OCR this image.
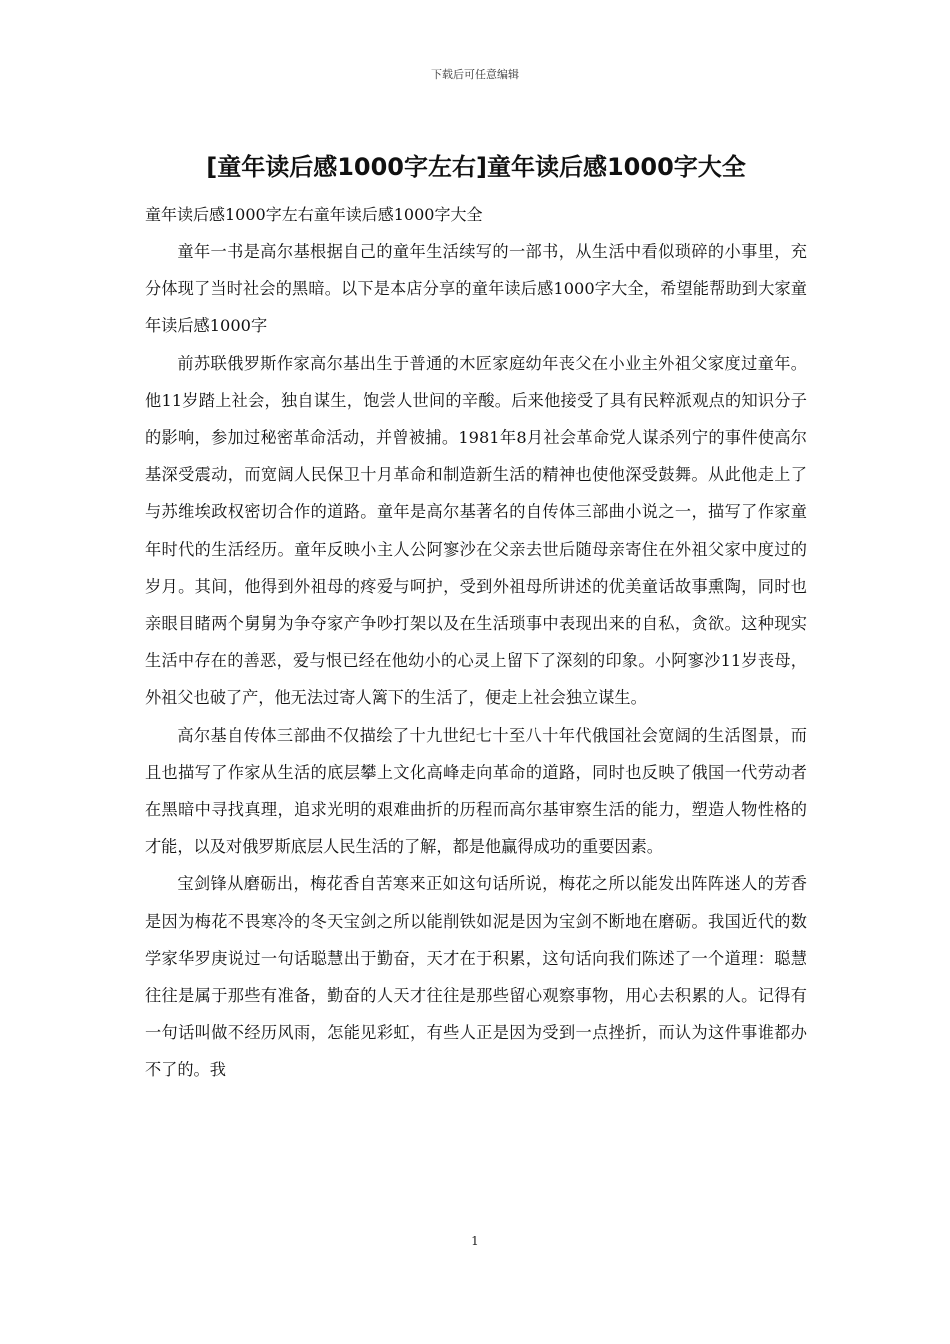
下载后可任意编辑
[童年读后感1000字左右]童年读后感1000字大全

童年读后感1000字左右童年读后感1000字大全

童年一书是高尔基根据自己的童年生活续写的一部书，从生活中看似琐碎的小事里，充分体现了当时社会的黑暗。以下是本店分享的童年读后感1000字大全，希望能帮助到大家童年读后感1000字

前苏联俄罗斯作家高尔基出生于普通的木匠家庭幼年丧父在小业主外祖父家度过童年。他11岁踏上社会，独自谋生，饱尝人世间的辛酸。后来他接受了具有民粹派观点的知识分子的影响，参加过秘密革命活动，并曾被捕。1981年8月社会革命党人谋杀列宁的事件使高尔基深受震动，而宽阔人民保卫十月革命和制造新生活的精神也使他深受鼓舞。从此他走上了与苏维埃政权密切合作的道路。童年是高尔基著名的自传体三部曲小说之一，描写了作家童年时代的生活经历。童年反映小主人公阿寥沙在父亲去世后随母亲寄住在外祖父家中度过的岁月。其间，他得到外祖母的疼爱与呵护，受到外祖母所讲述的优美童话故事熏陶，同时也亲眼目睹两个舅舅为争夺家产争吵打架以及在生活琐事中表现出来的自私，贪欲。这种现实生活中存在的善恶，爱与恨已经在他幼小的心灵上留下了深刻的印象。小阿寥沙11岁丧母，外祖父也破了产，他无法过寄人篱下的生活了，便走上社会独立谋生。

高尔基自传体三部曲不仅描绘了十九世纪七十至八十年代俄国社会宽阔的生活图景，而且也描写了作家从生活的底层攀上文化高峰走向革命的道路，同时也反映了俄国一代劳动者在黑暗中寻找真理，追求光明的艰难曲折的历程而高尔基审察生活的能力，塑造人物性格的才能，以及对俄罗斯底层人民生活的了解，都是他赢得成功的重要因素。

宝剑锋从磨砺出，梅花香自苦寒来正如这句话所说，梅花之所以能发出阵阵迷人的芳香是因为梅花不畏寒冷的冬天宝剑之所以能削铁如泥是因为宝剑不断地在磨砺。我国近代的数学家华罗庚说过一句话聪慧出于勤奋，天才在于积累，这句话向我们陈述了一个道理：聪慧往往是属于那些有准备，勤奋的人天才往往是那些留心观察事物，用心去积累的人。记得有一句话叫做不经历风雨，怎能见彩虹，有些人正是因为受到一点挫折，而认为这件事谁都办不了的。我

1
